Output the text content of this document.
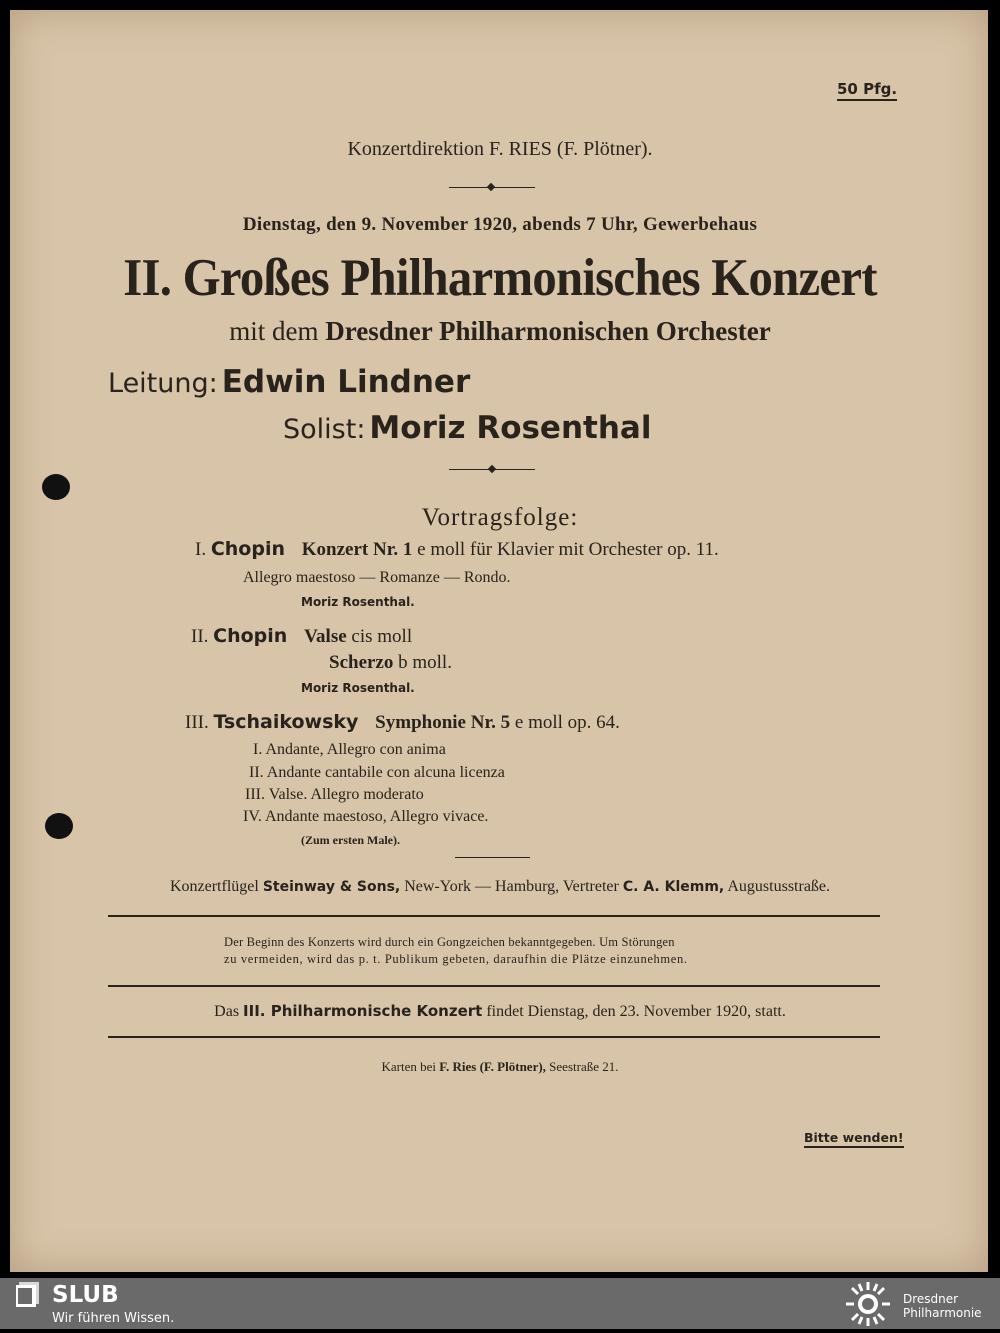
50 Pfg.
Konzertdirektion F. RIES (F. Plötner).
Dienstag, den 9. November 1920, abends 7 Uhr, Gewerbehaus
II. Großes Philharmonisches Konzert
mit dem Dresdner Philharmonischen Orchester
Leitung: Edwin Lindner
Solist: Moriz Rosenthal
Vortragsfolge:
I. Chopin Konzert Nr. 1 e moll für Klavier mit Orchester op. 11.
Allegro maestoso — Romanze — Rondo.
Moriz Rosenthal.
II. Chopin Valse cis moll
Scherzo b moll.
Moriz Rosenthal.
III. Tschaikowsky Symphonie Nr. 5 e moll op. 64.
I. Andante, Allegro con anima
II. Andante cantabile con alcuna licenza
III. Valse. Allegro moderato
IV. Andante maestoso, Allegro vivace.
(Zum ersten Male).
Konzertflügel Steinway & Sons, New-York — Hamburg, Vertreter C. A. Klemm, Augustusstraße.
Der Beginn des Konzerts wird durch ein Gongzeichen bekanntgegeben. Um Störungen
zu vermeiden, wird das p. t. Publikum gebeten, daraufhin die Plätze einzunehmen.
Das III. Philharmonische Konzert findet Dienstag, den 23. November 1920, statt.
Karten bei F. Ries (F. Plötner), Seestraße 21.
Bitte wenden!
SLUB
Wir führen Wissen.
Dresdner
Philharmonie
